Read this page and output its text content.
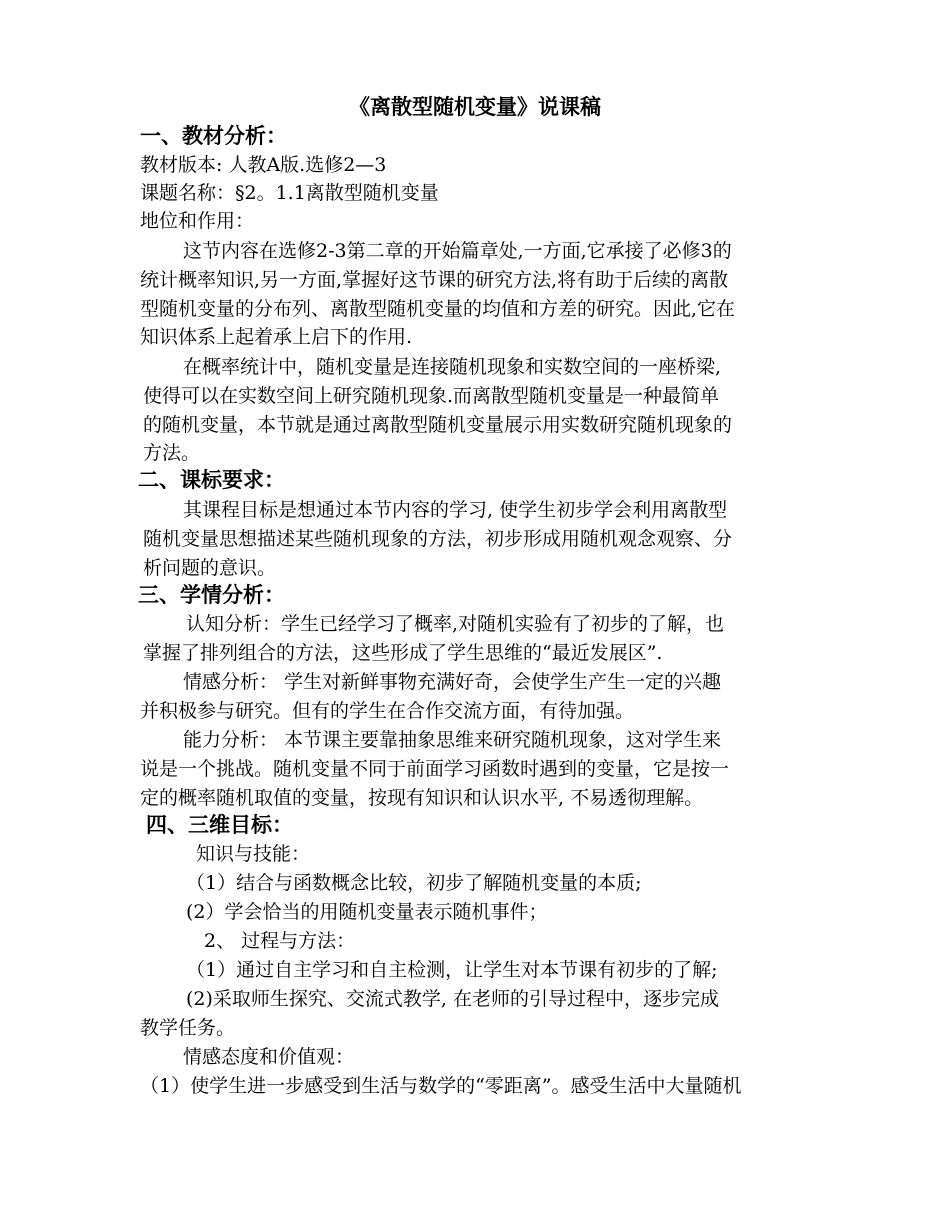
《离散型随机变量》说课稿
一、教材分析：
教材版本: 人教A版.选修2—3
课题名称：§2。1.1离散型随机变量
地位和作用：
这节内容在选修2-3第二章的开始篇章处,一方面,它承接了必修3的
统计概率知识,另一方面,掌握好这节课的研究方法,将有助于后续的离散
型随机变量的分布列、离散型随机变量的均值和方差的研究。因此,它在
知识体系上起着承上启下的作用.
在概率统计中，随机变量是连接随机现象和实数空间的一座桥梁,
使得可以在实数空间上研究随机现象.而离散型随机变量是一种最简单
的随机变量，本节就是通过离散型随机变量展示用实数研究随机现象的
方法。
二、课标要求：
其课程目标是想通过本节内容的学习, 使学生初步学会利用离散型
随机变量思想描述某些随机现象的方法，初步形成用随机观念观察、分
析问题的意识。
三、学情分析：
认知分析：学生已经学习了概率,对随机实验有了初步的了解，也
掌握了排列组合的方法，这些形成了学生思维的“最近发展区”.
情感分析： 学生对新鲜事物充满好奇，会使学生产生一定的兴趣
并积极参与研究。但有的学生在合作交流方面，有待加强。
能力分析： 本节课主要靠抽象思维来研究随机现象，这对学生来
说是一个挑战。随机变量不同于前面学习函数时遇到的变量，它是按一
定的概率随机取值的变量，按现有知识和认识水平, 不易透彻理解。
四、三维目标：
知识与技能：
（1）结合与函数概念比较，初步了解随机变量的本质;
(2）学会恰当的用随机变量表示随机事件；
2、 过程与方法：
（1）通过自主学习和自主检测，让学生对本节课有初步的了解;
(2)采取师生探究、交流式教学, 在老师的引导过程中，逐步完成
教学任务。
情感态度和价值观：
（1）使学生进一步感受到生活与数学的“零距离”。感受生活中大量随机
